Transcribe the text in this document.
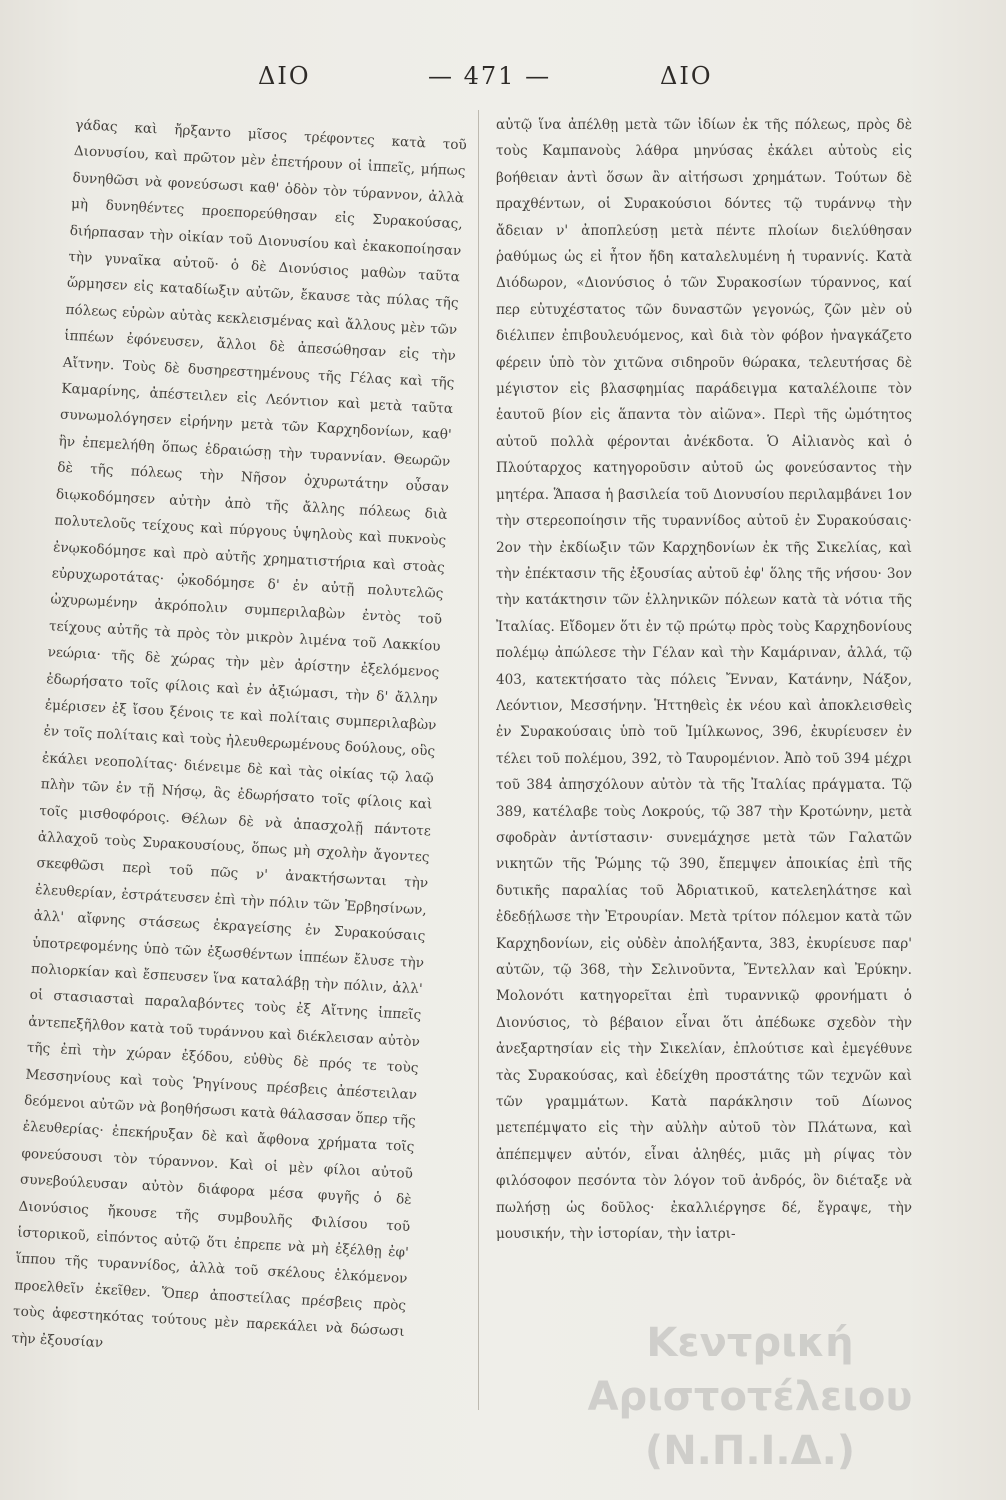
ΔΙΟ	— 471 —	ΔΙΟ

γάδας καὶ ἤρξαντο μῖσος τρέφοντες κατὰ τοῦ Διονυσίου, καὶ πρῶτον μὲν ἐπετήρουν οἱ ἱππεῖς, μήπως δυνηθῶσι νὰ φονεύσωσι καθ' ὁδὸν τὸν τύραννον, ἀλλὰ μὴ δυνηθέντες προεπορεύθησαν εἰς Συρακούσας, διήρπασαν τὴν οἰκίαν τοῦ Διονυσίου καὶ ἐκακοποίησαν τὴν γυναῖκα αὐτοῦ· ὁ δὲ Διονύσιος μαθὼν ταῦτα ὥρμησεν εἰς καταδίωξιν αὐτῶν, ἔκαυσε τὰς πύλας τῆς πόλεως εὑρὼν αὐτὰς κεκλεισμένας καὶ ἄλλους μὲν τῶν ἱππέων ἐφόνευσεν, ἄλλοι δὲ ἀπεσώθησαν εἰς τὴν Αἴτνην. Τοὺς δὲ δυσηρεστημένους τῆς Γέλας καὶ τῆς Καμαρίνης, ἀπέστειλεν εἰς Λεόντιον καὶ μετὰ ταῦτα συνωμολόγησεν εἰρήνην μετὰ τῶν Καρχηδονίων, καθ' ἣν ἐπεμελήθη ὅπως ἑδραιώσῃ τὴν τυραννίαν. Θεωρῶν δὲ τῆς πόλεως τὴν Νῆσον ὀχυρωτάτην οὖσαν διῳκοδόμησεν αὐτὴν ἀπὸ τῆς ἄλλης πόλεως διὰ πολυτελοῦς τείχους καὶ πύργους ὑψηλοὺς καὶ πυκνοὺς ἐνῳκοδόμησε καὶ πρὸ αὐτῆς χρηματιστήρια καὶ στοὰς εὐρυχωροτάτας· ᾠκοδόμησε δ' ἐν αὐτῇ πολυτελῶς ὠχυρωμένην ἀκρόπολιν συμπεριλαβὼν ἐντὸς τοῦ τείχους αὐτῆς τὰ πρὸς τὸν μικρὸν λιμένα τοῦ Λακκίου νεώρια· τῆς δὲ χώρας τὴν μὲν ἀρίστην ἐξελόμενος ἐδωρήσατο τοῖς φίλοις καὶ ἐν ἀξιώμασι, τὴν δ' ἄλλην ἐμέρισεν ἐξ ἴσου ξένοις τε καὶ πολίταις συμπεριλαβὼν ἐν τοῖς πολίταις καὶ τοὺς ἠλευθερωμένους δούλους, οὓς ἐκάλει νεοπολίτας· διένειμε δὲ καὶ τὰς οἰκίας τῷ λαῷ πλὴν τῶν ἐν τῇ Νήσῳ, ἃς ἐδωρήσατο τοῖς φίλοις καὶ τοῖς μισθοφόροις. Θέλων δὲ νὰ ἀπασχολῇ πάντοτε ἀλλαχοῦ τοὺς Συρακουσίους, ὅπως μὴ σχολὴν ἄγοντες σκεφθῶσι περὶ τοῦ πῶς ν' ἀνακτήσωνται τὴν ἐλευθερίαν, ἐστράτευσεν ἐπὶ τὴν πόλιν τῶν Ἐρβησίνων, ἀλλ' αἴφνης στάσεως ἐκραγείσης ἐν Συρακούσαις ὑποτρεφομένης ὑπὸ τῶν ἐξωσθέντων ἱππέων ἔλυσε τὴν πολιορκίαν καὶ ἔσπευσεν ἵνα καταλάβῃ τὴν πόλιν, ἀλλ' οἱ στασιασταὶ παραλαβόντες τοὺς ἐξ Αἴτνης ἱππεῖς ἀντεπεξῆλθον κατὰ τοῦ τυράννου καὶ διέκλεισαν αὐτὸν τῆς ἐπὶ τὴν χώραν ἐξόδου, εὐθὺς δὲ πρός τε τοὺς Μεσσηνίους καὶ τοὺς Ῥηγίνους πρέσβεις ἀπέστειλαν δεόμενοι αὐτῶν νὰ βοηθήσωσι κατὰ θάλασσαν ὅπερ τῆς ἐλευθερίας· ἐπεκήρυξαν δὲ καὶ ἄφθονα χρήματα τοῖς φονεύσουσι τὸν τύραννον. Καὶ οἱ μὲν φίλοι αὐτοῦ συνεβούλευσαν αὐτὸν διάφορα μέσα φυγῆς ὁ δὲ Διονύσιος ἤκουσε τῆς συμβουλῆς Φιλίσου τοῦ ἱστορικοῦ, εἰπόντος αὐτῷ ὅτι ἐπρεπε νὰ μὴ ἐξέλθῃ ἐφ' ἵππου τῆς τυραννίδος, ἀλλὰ τοῦ σκέλους ἑλκόμενον προελθεῖν ἐκεῖθεν. Ὅπερ ἀποστείλας πρέσβεις πρὸς τοὺς ἀφεστηκότας τούτους μὲν παρεκάλει νὰ δώσωσι τὴν ἐξουσίαν

αὐτῷ ἵνα ἀπέλθῃ μετὰ τῶν ἰδίων ἐκ τῆς πόλεως, πρὸς δὲ τοὺς Καμπανοὺς λάθρα μηνύσας ἐκάλει αὐτοὺς εἰς βοήθειαν ἀντὶ ὅσων ἂν αἰτήσωσι χρημάτων. Τούτων δὲ πραχθέντων, οἱ Συρακούσιοι δόντες τῷ τυράννῳ τὴν ἄδειαν ν' ἀποπλεύσῃ μετὰ πέντε πλοίων διελύθησαν ῥαθύμως ὡς εἰ ἦτον ἤδη καταλελυμένη ἡ τυραννίς. Κατὰ Διόδωρον, «Διονύσιος ὁ τῶν Συρακοσίων τύραννος, καί περ εὐτυχέστατος τῶν δυναστῶν γεγονώς, ζῶν μὲν οὐ διέλιπεν ἐπιβουλευόμενος, καὶ διὰ τὸν φόβον ἠναγκάζετο φέρειν ὑπὸ τὸν χιτῶνα σιδηροῦν θώρακα, τελευτήσας δὲ μέγιστον εἰς βλασφημίας παράδειγμα καταλέλοιπε τὸν ἑαυτοῦ βίον εἰς ἅπαντα τὸν αἰῶνα». Περὶ τῆς ὠμότητος αὐτοῦ πολλὰ φέρονται ἀνέκδοτα. Ὁ Αἰλιανὸς καὶ ὁ Πλούταρχος κατηγοροῦσιν αὐτοῦ ὡς φονεύσαντος τὴν μητέρα. Ἅπασα ἡ βασιλεία τοῦ Διονυσίου περιλαμβάνει 1ον τὴν στερεοποίησιν τῆς τυραννίδος αὐτοῦ ἐν Συρακούσαις· 2ον τὴν ἐκδίωξιν τῶν Καρχηδονίων ἐκ τῆς Σικελίας, καὶ τὴν ἐπέκτασιν τῆς ἐξουσίας αὐτοῦ ἐφ' ὅλης τῆς νήσου· 3ον τὴν κατάκτησιν τῶν ἑλληνικῶν πόλεων κατὰ τὰ νότια τῆς Ἰταλίας. Εἴδομεν ὅτι ἐν τῷ πρώτῳ πρὸς τοὺς Καρχηδονίους πολέμῳ ἀπώλεσε τὴν Γέλαν καὶ τὴν Καμάριναν, ἀλλά, τῷ 403, κατεκτήσατο τὰς πόλεις Ἔνναν, Κατάνην, Νάξον, Λεόντιον, Μεσσήνην. Ἡττηθεὶς ἐκ νέου καὶ ἀποκλεισθεὶς ἐν Συρακούσαις ὑπὸ τοῦ Ἰμίλκωνος, 396, ἐκυρίευσεν ἐν τέλει τοῦ πολέμου, 392, τὸ Ταυρομένιον. Ἀπὸ τοῦ 394 μέχρι τοῦ 384 ἀπησχόλουν αὐτὸν τὰ τῆς Ἰταλίας πράγματα. Τῷ 389, κατέλαβε τοὺς Λοκρούς, τῷ 387 τὴν Κροτώνην, μετὰ σφοδρὰν ἀντίστασιν· συνεμάχησε μετὰ τῶν Γαλατῶν νικητῶν τῆς Ῥώμης τῷ 390, ἔπεμψεν ἀποικίας ἐπὶ τῆς δυτικῆς παραλίας τοῦ Ἀδριατικοῦ, κατελεηλάτησε καὶ ἐδεδῄλωσε τὴν Ἐτρουρίαν. Μετὰ τρίτον πόλεμον κατὰ τῶν Καρχηδονίων, εἰς οὐδὲν ἀπολήξαντα, 383, ἐκυρίευσε παρ' αὐτῶν, τῷ 368, τὴν Σελινοῦντα, Ἔντελλαν καὶ Ἐρύκην. Μολονότι κατηγορεῖται ἐπὶ τυραννικῷ φρονήματι ὁ Διονύσιος, τὸ βέβαιον εἶναι ὅτι ἀπέδωκε σχεδὸν τὴν ἀνεξαρτησίαν εἰς τὴν Σικελίαν, ἐπλούτισε καὶ ἐμεγέθυνε τὰς Συρακούσας, καὶ ἐδείχθη προστάτης τῶν τεχνῶν καὶ τῶν γραμμάτων. Κατὰ παράκλησιν τοῦ Δίωνος μετεπέμψατο εἰς τὴν αὐλὴν αὐτοῦ τὸν Πλάτωνα, καὶ ἀπέπεμψεν αὐτόν, εἶναι ἀληθές, μιᾶς μὴ ρίψας τὸν φιλόσοφον πεσόντα τὸν λόγον τοῦ ἀνδρός, ὃν διέταξε νὰ πωλήσῃ ὡς δοῦλος· ἐκαλλιέργησε δέ, ἔγραψε, τὴν μουσικήν, τὴν ἱστορίαν, τὴν ἰατρι-

Κεντρική
Αριστοτέλειου (Ν.Π.Ι.Δ.)
